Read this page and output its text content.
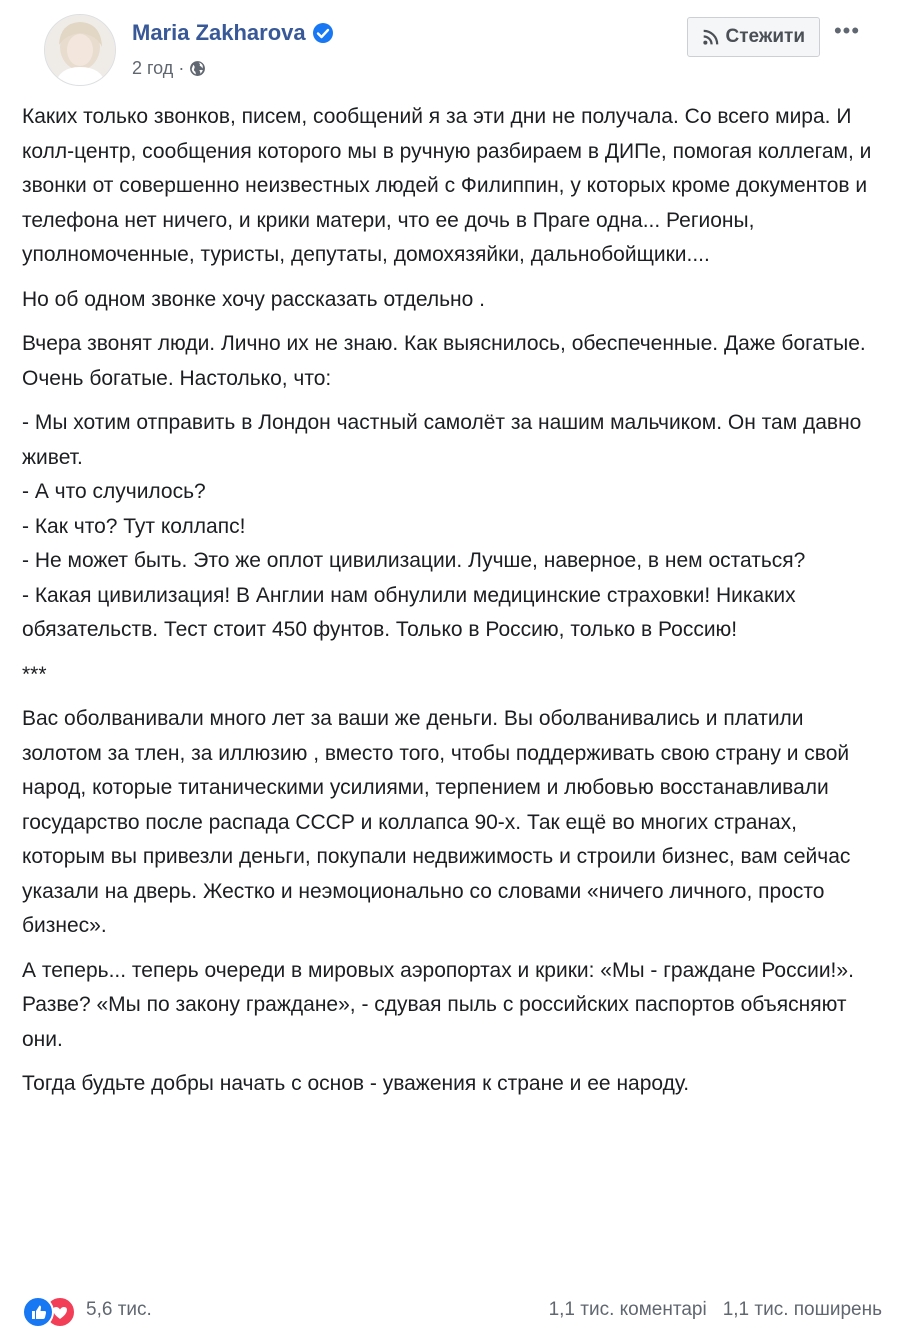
Maria Zakharova
2 год ·
Стежити •••

Каких только звонков, писем, сообщений я за эти дни не получала. Со всего мира. И колл-центр, сообщения которого мы в ручную разбираем в ДИПе, помогая коллегам, и звонки от совершенно неизвестных людей с Филиппин, у которых кроме документов и телефона нет ничего, и крики матери, что ее дочь в Праге одна... Регионы, уполномоченные, туристы, депутаты, домохязяйки, дальнобойщики....

Но об одном звонке хочу рассказать отдельно .

Вчера звонят люди. Лично их не знаю. Как выяснилось, обеспеченные. Даже богатые. Очень богатые. Настолько, что:

- Мы хотим отправить в Лондон частный самолёт за нашим мальчиком. Он там давно живет.
- А что случилось?
- Как что? Тут коллапс!
- Не может быть. Это же оплот цивилизации. Лучше, наверное, в нем остаться?
- Какая цивилизация! В Англии нам обнулили медицинские страховки! Никаких обязательств. Тест стоит 450 фунтов. Только в Россию, только в Россию!

***

Вас оболванивали много лет за ваши же деньги. Вы оболванивались и платили золотом за тлен, за иллюзию , вместо того, чтобы поддерживать свою страну и свой народ, которые титаническими усилиями, терпением и любовью восстанавливали государство после распада СССР и коллапса 90-х. Так ещё во многих странах, которым вы привезли деньги, покупали недвижимость и строили бизнес, вам сейчас указали на дверь. Жестко и неэмоционально со словами «ничего личного, просто бизнес».

А теперь... теперь очереди в мировых аэропортах и крики: «Мы - граждане России!». Разве? «Мы по закону граждане», - сдувая пыль с российских паспортов объясняют они.

Тогда будьте добры начать с основ - уважения к стране и ее народу.

5,6 тис.	1,1 тис. коментарі 1,1 тис. поширень
